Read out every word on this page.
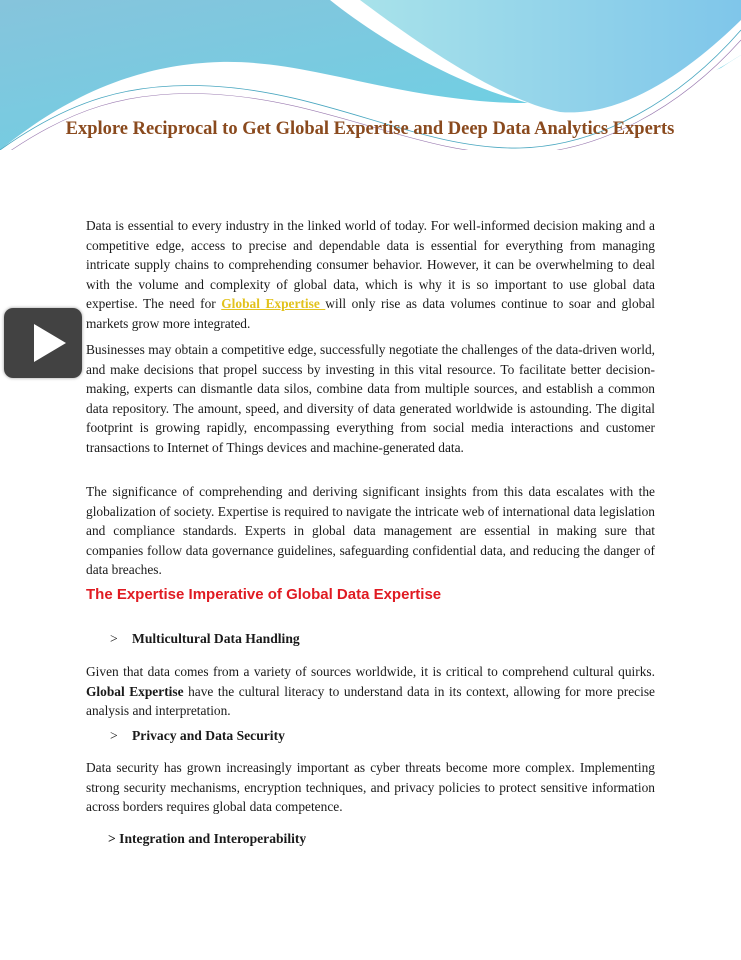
Explore Reciprocal to Get Global Expertise and Deep Data Analytics Experts

Data is essential to every industry in the linked world of today. For well-informed decision making and a competitive edge, access to precise and dependable data is essential for everything from managing intricate supply chains to comprehending consumer behavior. However, it can be overwhelming to deal with the volume and complexity of global data, which is why it is so important to use global data expertise. The need for Global Expertise will only rise as data volumes continue to soar and global markets grow more integrated.

Businesses may obtain a competitive edge, successfully negotiate the challenges of the data-driven world, and make decisions that propel success by investing in this vital resource. To facilitate better decision-making, experts can dismantle data silos, combine data from multiple sources, and establish a common data repository. The amount, speed, and diversity of data generated worldwide is astounding. The digital footprint is growing rapidly, encompassing everything from social media interactions and customer transactions to Internet of Things devices and machine-generated data.

The significance of comprehending and deriving significant insights from this data escalates with the globalization of society. Expertise is required to navigate the intricate web of international data legislation and compliance standards. Experts in global data management are essential in making sure that companies follow data governance guidelines, safeguarding confidential data, and reducing the danger of data breaches.

The Expertise Imperative of Global Data Expertise
> Multicultural Data Handling

Given that data comes from a variety of sources worldwide, it is critical to comprehend cultural quirks. Global Expertise have the cultural literacy to understand data in its context, allowing for more precise analysis and interpretation.

> Privacy and Data Security

Data security has grown increasingly important as cyber threats become more complex. Implementing strong security mechanisms, encryption techniques, and privacy policies to protect sensitive information across borders requires global data competence.

> Integration and Interoperability
